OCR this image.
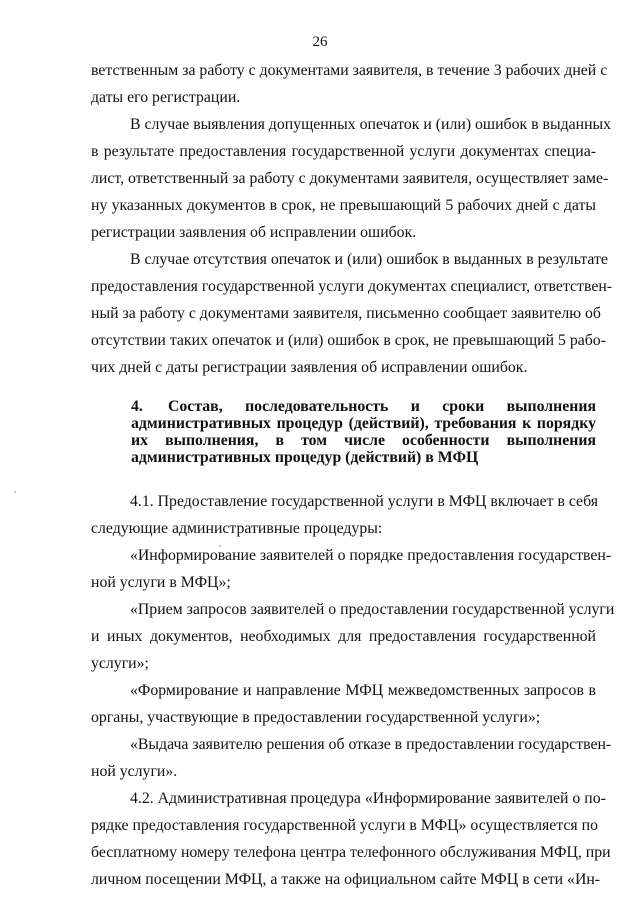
26
ветственным за работу с документами заявителя, в течение 3 рабочих дней с
даты его регистрации.
В случае выявления допущенных опечаток и (или) ошибок в выданных
в результате предоставления государственной услуги документах специа-
лист, ответственный за работу с документами заявителя, осуществляет заме-
ну указанных документов в срок, не превышающий 5 рабочих дней с даты
регистрации заявления об исправлении ошибок.
В случае отсутствия опечаток и (или) ошибок в выданных в результате
предоставления государственной услуги документах специалист, ответствен-
ный за работу с документами заявителя, письменно сообщает заявителю об
отсутствии таких опечаток и (или) ошибок в срок, не превышающий 5 рабо-
чих дней с даты регистрации заявления об исправлении ошибок.
4. Состав, последовательность и сроки выполнения
административных процедур (действий), требования к порядку
их выполнения, в том числе особенности выполнения
административных процедур (действий) в МФЦ
4.1. Предоставление государственной услуги в МФЦ включает в себя
следующие административные процедуры:
«Информирование заявителей о порядке предоставления государствен-
ной услуги в МФЦ»;
«Прием запросов заявителей о предоставлении государственной услуги
и иных документов, необходимых для предоставления государственной
услуги»;
«Формирование и направление МФЦ межведомственных запросов в
органы, участвующие в предоставлении государственной услуги»;
«Выдача заявителю решения об отказе в предоставлении государствен-
ной услуги».
4.2. Административная процедура «Информирование заявителей о по-
рядке предоставления государственной услуги в МФЦ» осуществляется по
бесплатному номеру телефона центра телефонного обслуживания МФЦ, при
личном посещении МФЦ, а также на официальном сайте МФЦ в сети «Ин-
